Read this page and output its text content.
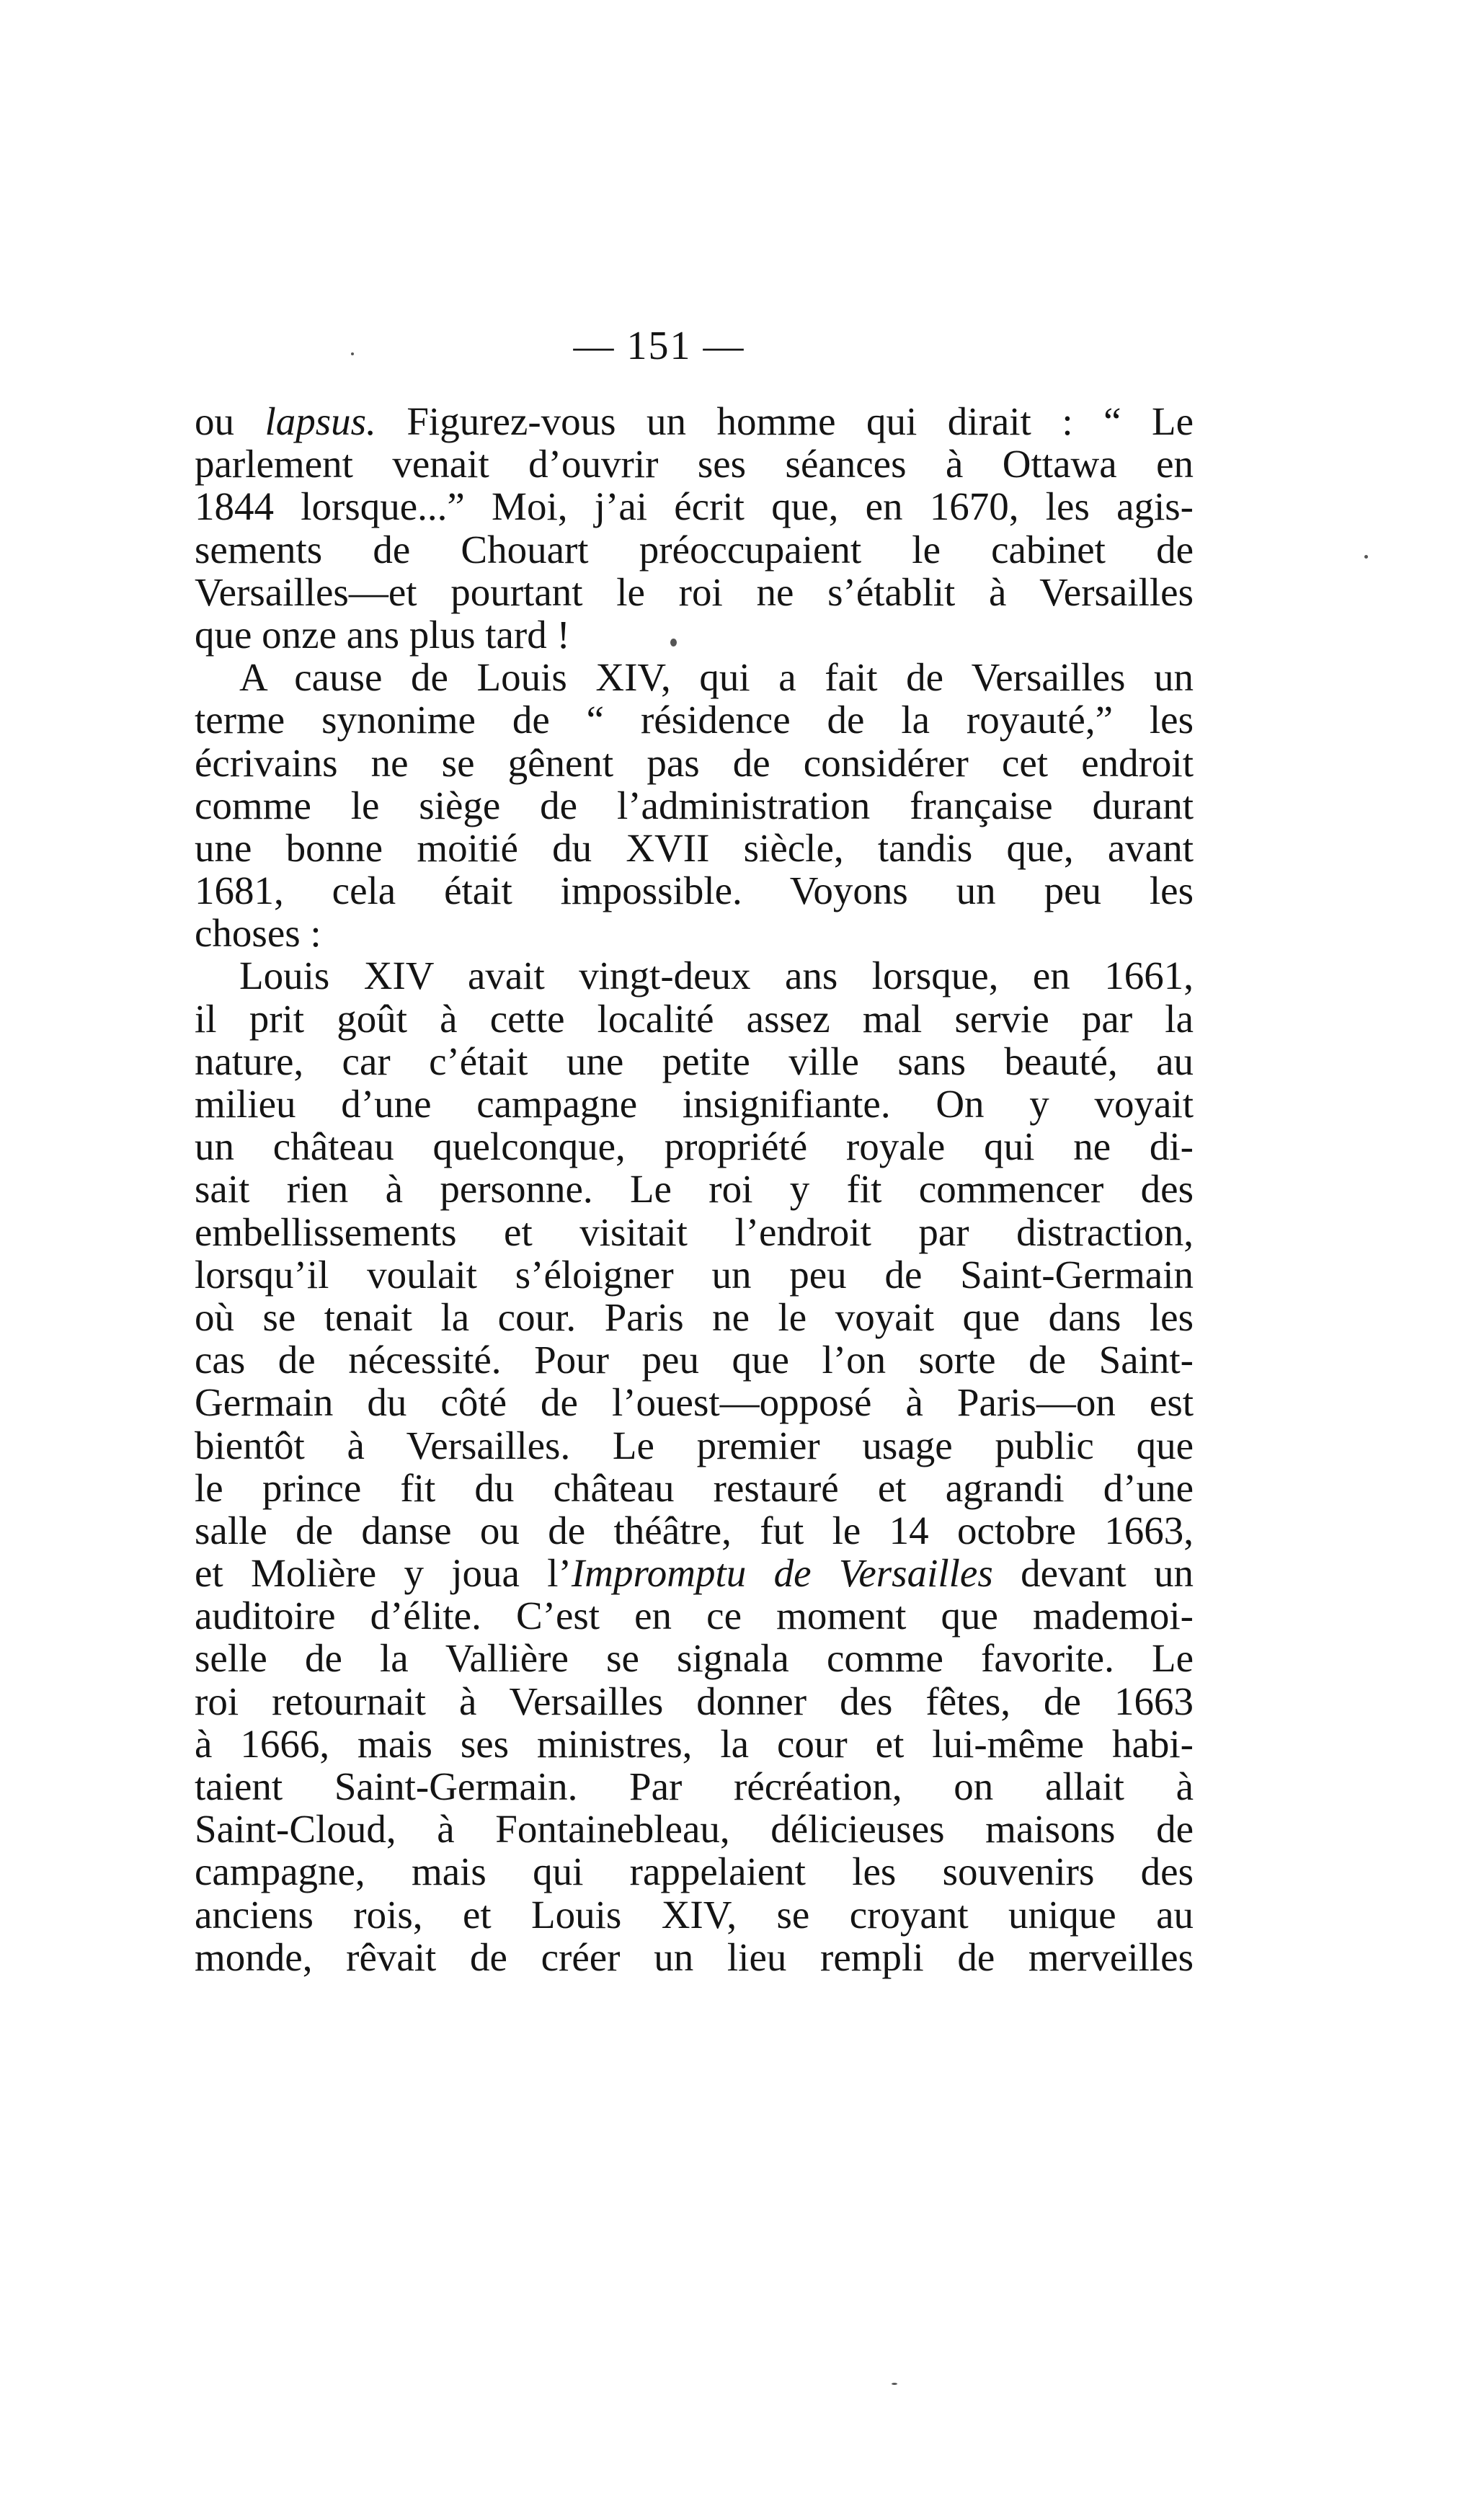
— 151 —
ou lapsus. Figurez-vous un homme qui dirait : “ Le
parlement venait d’ouvrir ses séances à Ottawa en
1844 lorsque...” Moi, j’ai écrit que, en 1670, les agis-
sements de Chouart préoccupaient le cabinet de
Versailles—et pourtant le roi ne s’établit à Versailles
que onze ans plus tard !
A cause de Louis XIV, qui a fait de Versailles un
terme synonime de “ résidence de la royauté,” les
écrivains ne se gênent pas de considérer cet endroit
comme le siège de l’administration française durant
une bonne moitié du XVII siècle, tandis que, avant
1681, cela était impossible. Voyons un peu les
choses :
Louis XIV avait vingt-deux ans lorsque, en 1661,
il prit goût à cette localité assez mal servie par la
nature, car c’était une petite ville sans beauté, au
milieu d’une campagne insignifiante. On y voyait
un château quelconque, propriété royale qui ne di-
sait rien à personne. Le roi y fit commencer des
embellissements et visitait l’endroit par distraction,
lorsqu’il voulait s’éloigner un peu de Saint-Germain
où se tenait la cour. Paris ne le voyait que dans les
cas de nécessité. Pour peu que l’on sorte de Saint-
Germain du côté de l’ouest—opposé à Paris—on est
bientôt à Versailles. Le premier usage public que
le prince fit du château restauré et agrandi d’une
salle de danse ou de théâtre, fut le 14 octobre 1663,
et Molière y joua l’Impromptu de Versailles devant un
auditoire d’élite. C’est en ce moment que mademoi-
selle de la Vallière se signala comme favorite. Le
roi retournait à Versailles donner des fêtes, de 1663
à 1666, mais ses ministres, la cour et lui-même habi-
taient Saint-Germain. Par récréation, on allait à
Saint-Cloud, à Fontainebleau, délicieuses maisons de
campagne, mais qui rappelaient les souvenirs des
anciens rois, et Louis XIV, se croyant unique au
monde, rêvait de créer un lieu rempli de merveilles
